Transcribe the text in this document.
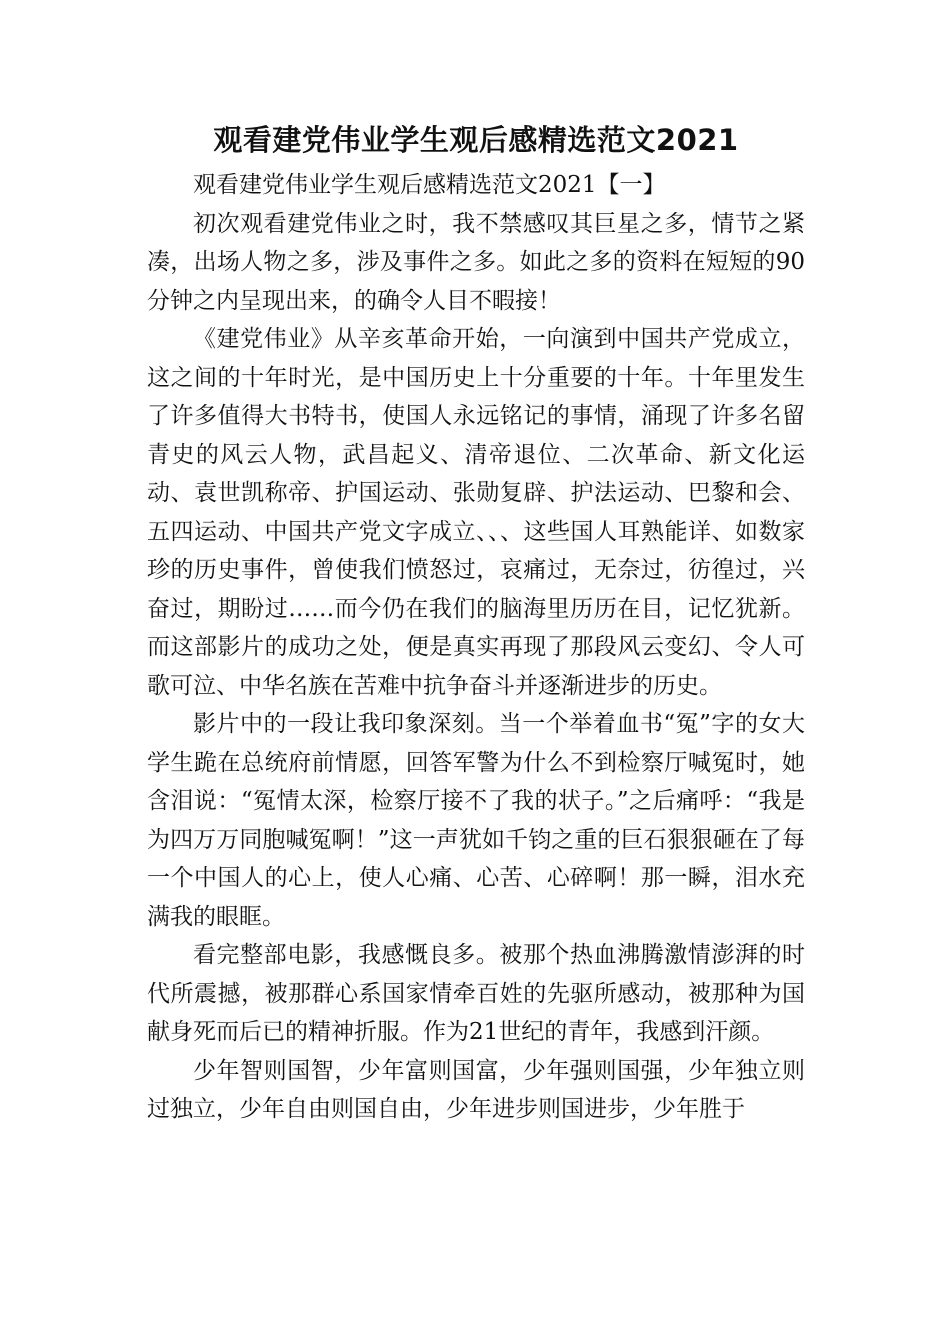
观看建党伟业学生观后感精选范文2021

观看建党伟业学生观后感精选范文2021【一】

初次观看建党伟业之时，我不禁感叹其巨星之多，情节之紧凑，出场人物之多，涉及事件之多。如此之多的资料在短短的90分钟之内呈现出来，的确令人目不暇接！

《建党伟业》从辛亥革命开始，一向演到中国共产党成立，这之间的十年时光，是中国历史上十分重要的十年。十年里发生了许多值得大书特书，使国人永远铭记的事情，涌现了许多名留青史的风云人物，武昌起义、清帝退位、二次革命、新文化运动、袁世凯称帝、护国运动、张勋复辟、护法运动、巴黎和会、五四运动、中国共产党文字成立、、、这些国人耳熟能详、如数家珍的历史事件，曾使我们愤怒过，哀痛过，无奈过，彷徨过，兴奋过，期盼过……而今仍在我们的脑海里历历在目，记忆犹新。而这部影片的成功之处，便是真实再现了那段风云变幻、令人可歌可泣、中华名族在苦难中抗争奋斗并逐渐进步的历史。

影片中的一段让我印象深刻。当一个举着血书“冤”字的女大学生跪在总统府前情愿，回答军警为什么不到检察厅喊冤时，她含泪说：“冤情太深，检察厅接不了我的状子。”之后痛呼：“我是为四万万同胞喊冤啊！”这一声犹如千钧之重的巨石狠狠砸在了每一个中国人的心上，使人心痛、心苦、心碎啊！那一瞬，泪水充满我的眼眶。

看完整部电影，我感慨良多。被那个热血沸腾激情澎湃的时代所震撼，被那群心系国家情牵百姓的先驱所感动，被那种为国献身死而后已的精神折服。作为21世纪的青年，我感到汗颜。

少年智则国智，少年富则国富，少年强则国强，少年独立则过独立，少年自由则国自由，少年进步则国进步，少年胜于
